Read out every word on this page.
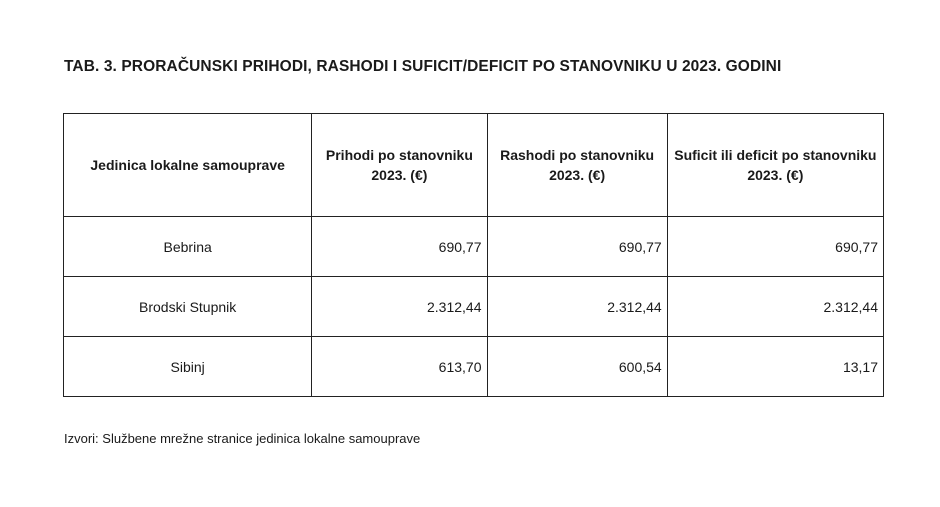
TAB. 3. PRORAČUNSKI PRIHODI, RASHODI I SUFICIT/DEFICIT PO STANOVNIKU U 2023. GODINI
Jedinica lokalne samouprave	Prihodi po stanovniku 2023. (€)	Rashodi po stanovniku 2023. (€)	Suficit ili deficit po stanovniku 2023. (€)
Bebrina	690,77	690,77	690,77
Brodski Stupnik	2.312,44	2.312,44	2.312,44
Sibinj	613,70	600,54	13,17

Izvori: Službene mrežne stranice jedinica lokalne samouprave
